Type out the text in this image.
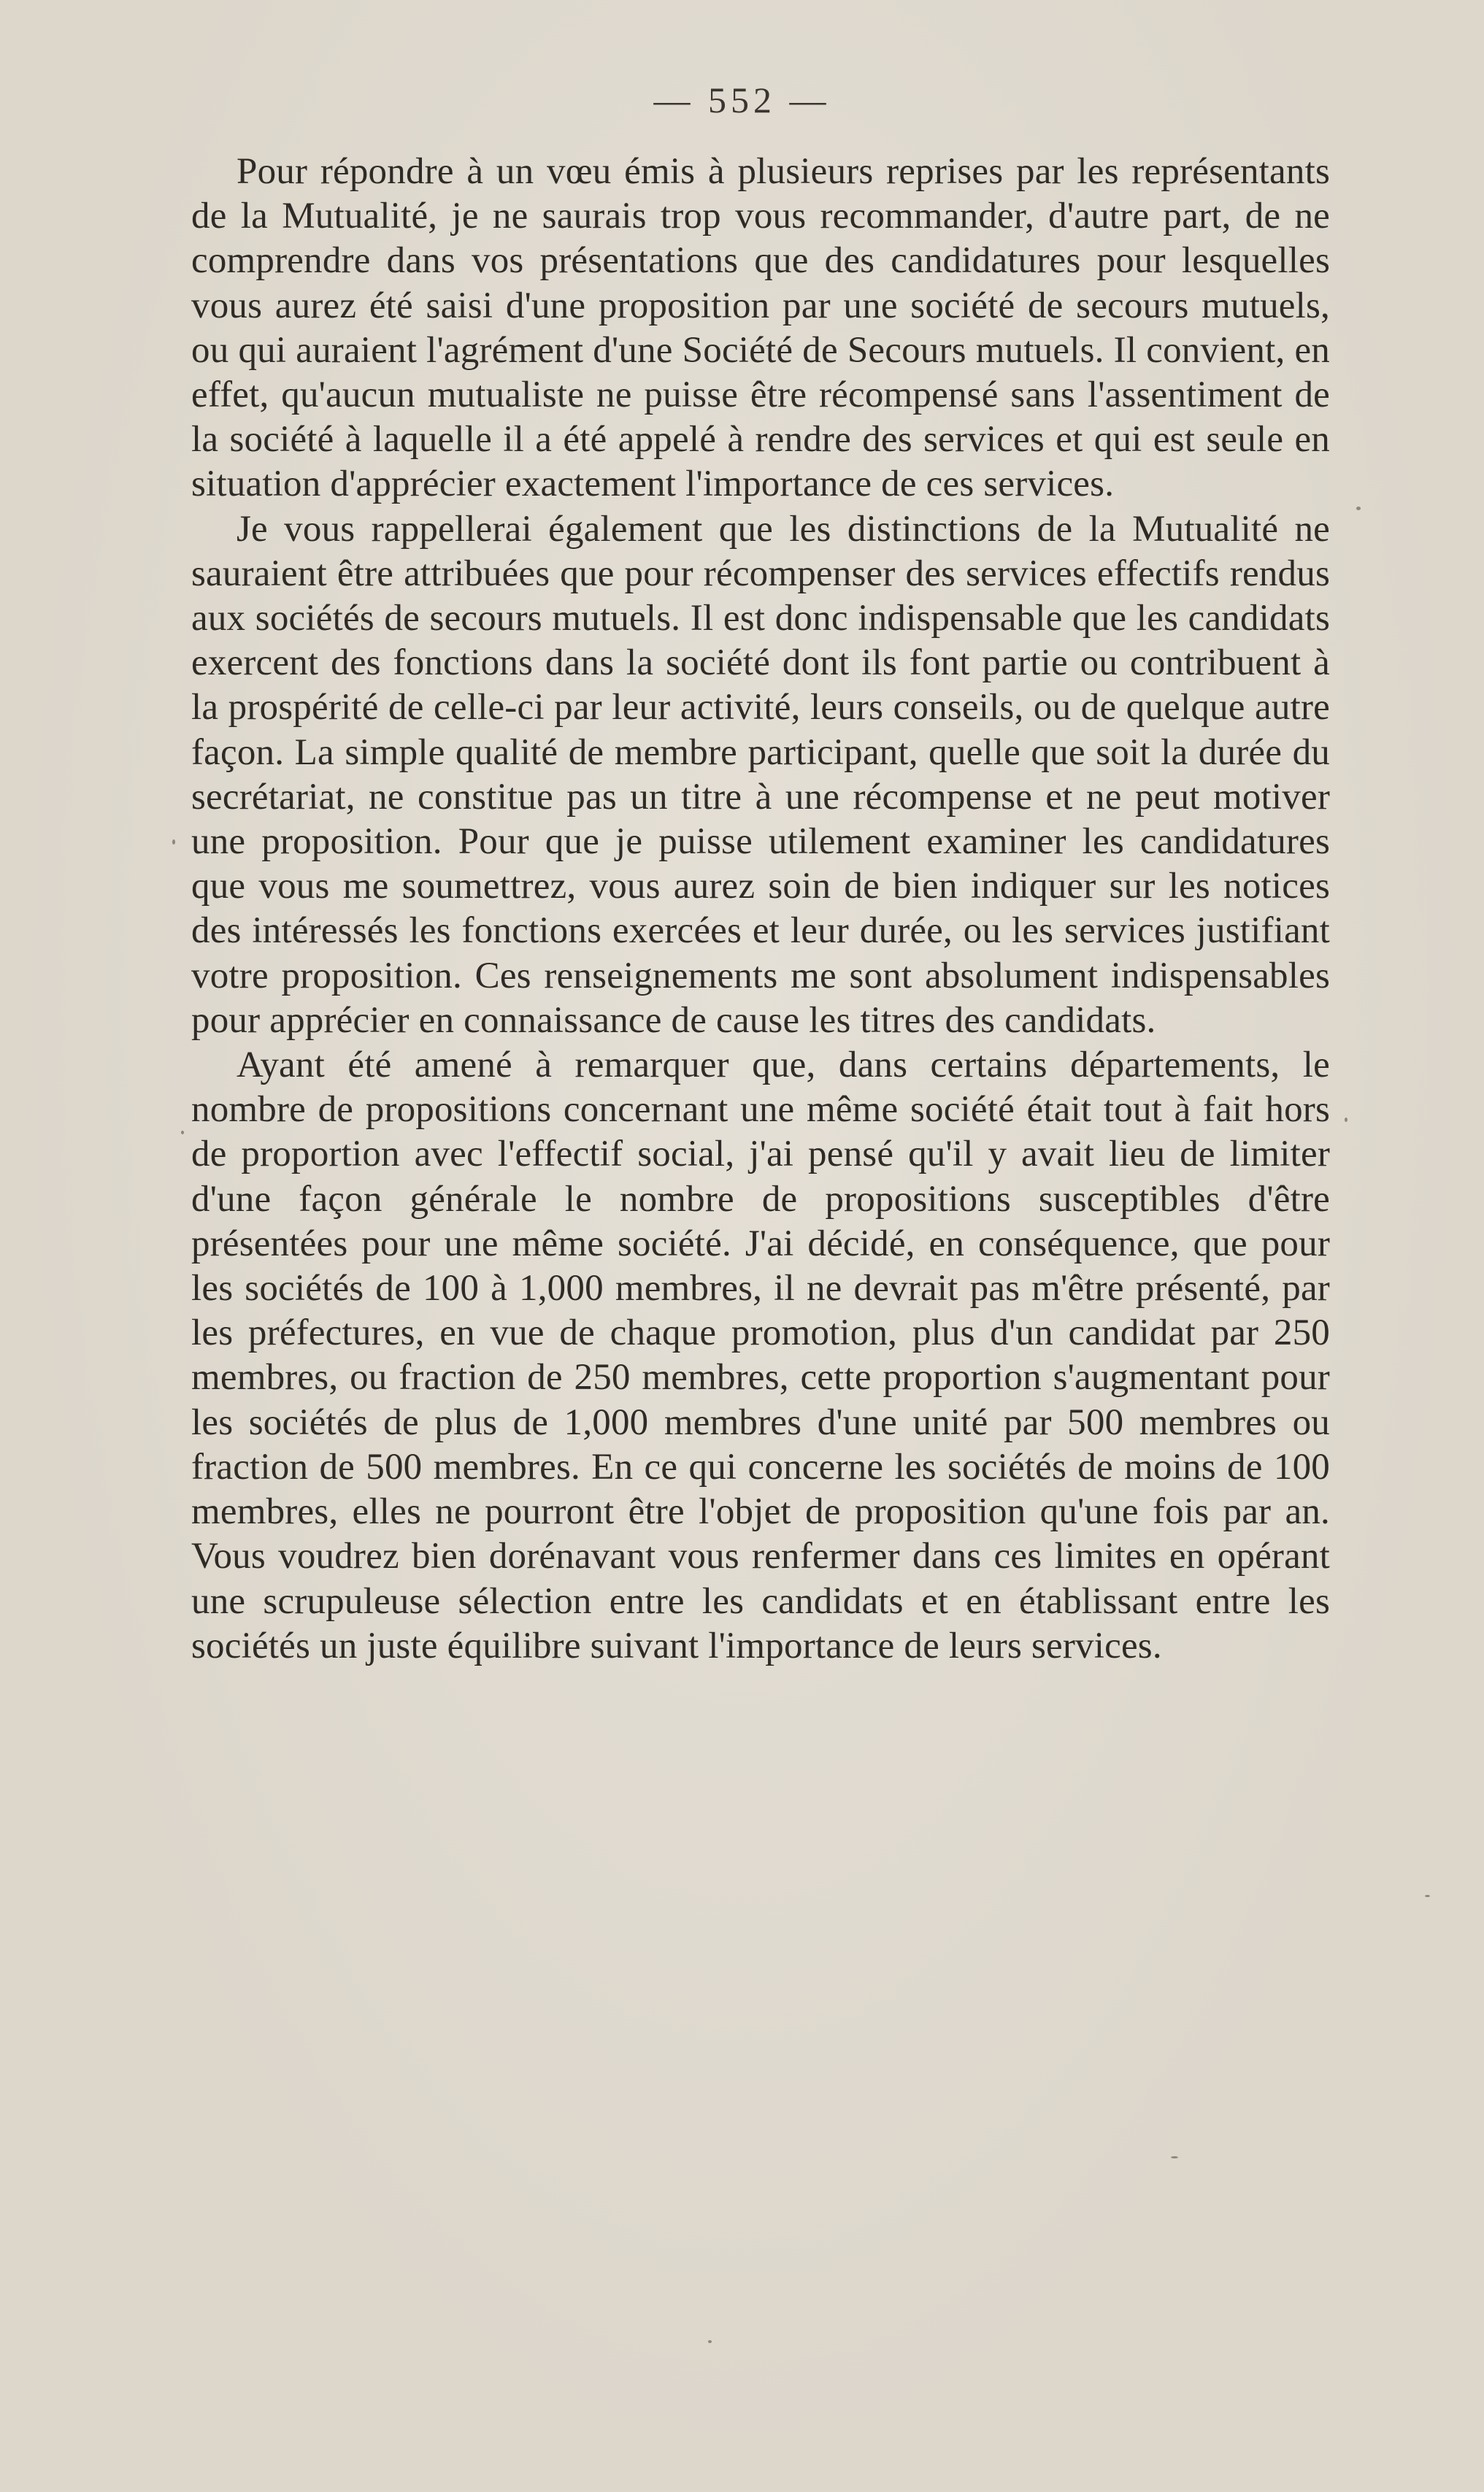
— 552 —

Pour répondre à un vœu émis à plusieurs reprises par les représentants de la Mutualité, je ne saurais trop vous recommander, d'autre part, de ne comprendre dans vos présentations que des candidatures pour lesquelles vous aurez été saisi d'une proposition par une société de secours mutuels, ou qui auraient l'agrément d'une Société de Secours mutuels. Il convient, en effet, qu'aucun mutualiste ne puisse être récompensé sans l'assentiment de la société à laquelle il a été appelé à rendre des services et qui est seule en situation d'apprécier exactement l'importance de ces services.

Je vous rappellerai également que les distinctions de la Mutualité ne sauraient être attribuées que pour récompenser des services effectifs rendus aux sociétés de secours mutuels. Il est donc indispensable que les candidats exercent des fonctions dans la société dont ils font partie ou contribuent à la prospérité de celle-ci par leur activité, leurs conseils, ou de quelque autre façon. La simple qualité de membre participant, quelle que soit la durée du secrétariat, ne constitue pas un titre à une récompense et ne peut motiver une proposition. Pour que je puisse utilement examiner les candidatures que vous me soumettrez, vous aurez soin de bien indiquer sur les notices des intéressés les fonctions exercées et leur durée, ou les services justifiant votre proposition. Ces renseignements me sont absolument indispensables pour apprécier en connaissance de cause les titres des candidats.

Ayant été amené à remarquer que, dans certains départements, le nombre de propositions concernant une même société était tout à fait hors de proportion avec l'effectif social, j'ai pensé qu'il y avait lieu de limiter d'une façon générale le nombre de propositions susceptibles d'être présentées pour une même société. J'ai décidé, en conséquence, que pour les sociétés de 100 à 1,000 membres, il ne devrait pas m'être présenté, par les préfectures, en vue de chaque promotion, plus d'un candidat par 250 membres, ou fraction de 250 membres, cette proportion s'augmentant pour les sociétés de plus de 1,000 membres d'une unité par 500 membres ou fraction de 500 membres. En ce qui concerne les sociétés de moins de 100 membres, elles ne pourront être l'objet de proposition qu'une fois par an. Vous voudrez bien dorénavant vous renfermer dans ces limites en opérant une scrupuleuse sélection entre les candidats et en établissant entre les sociétés un juste équilibre suivant l'importance de leurs services.
